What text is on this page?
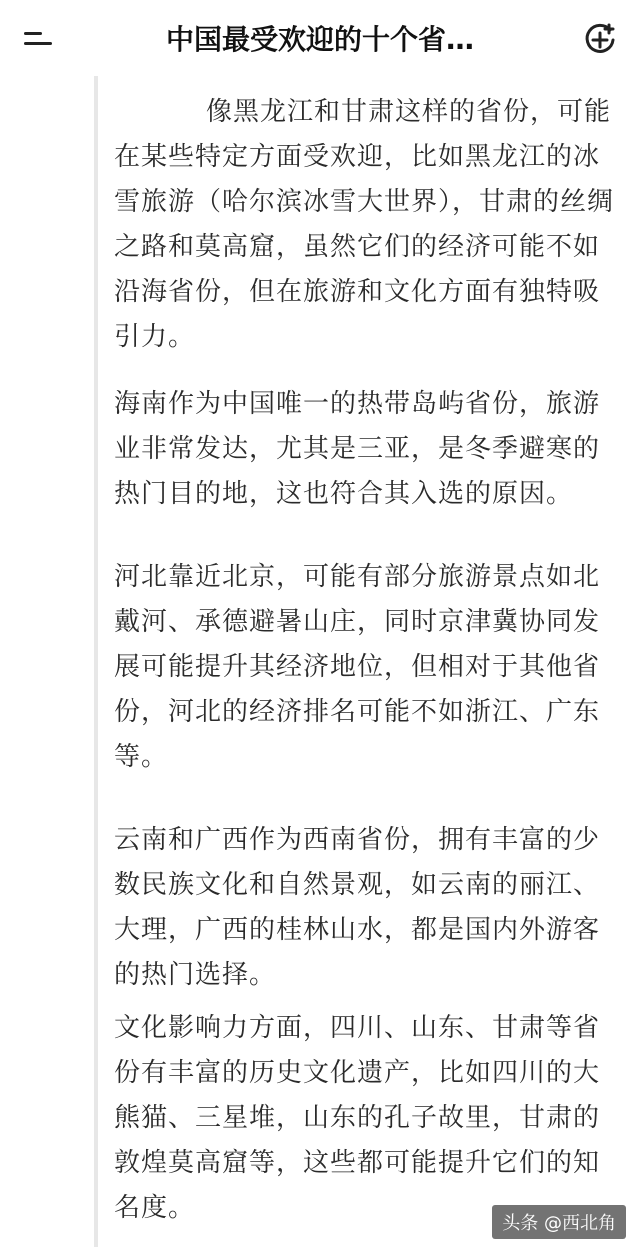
中国最受欢迎的十个省…

像黑龙江和甘肃这样的省份，可能在某些特定方面受欢迎，比如黑龙江的冰雪旅游（哈尔滨冰雪大世界），甘肃的丝绸之路和莫高窟，虽然它们的经济可能不如沿海省份，但在旅游和文化方面有独特吸引力。

海南作为中国唯一的热带岛屿省份，旅游业非常发达，尤其是三亚，是冬季避寒的热门目的地，这也符合其入选的原因。

河北靠近北京，可能有部分旅游景点如北戴河、承德避暑山庄，同时京津冀协同发展可能提升其经济地位，但相对于其他省份，河北的经济排名可能不如浙江、广东等。

云南和广西作为西南省份，拥有丰富的少数民族文化和自然景观，如云南的丽江、大理，广西的桂林山水，都是国内外游客的热门选择。

文化影响力方面，四川、山东、甘肃等省份有丰富的历史文化遗产，比如四川的大熊猫、三星堆，山东的孔子故里，甘肃的敦煌莫高窟等，这些都可能提升它们的知名度。

头条 @西北角
